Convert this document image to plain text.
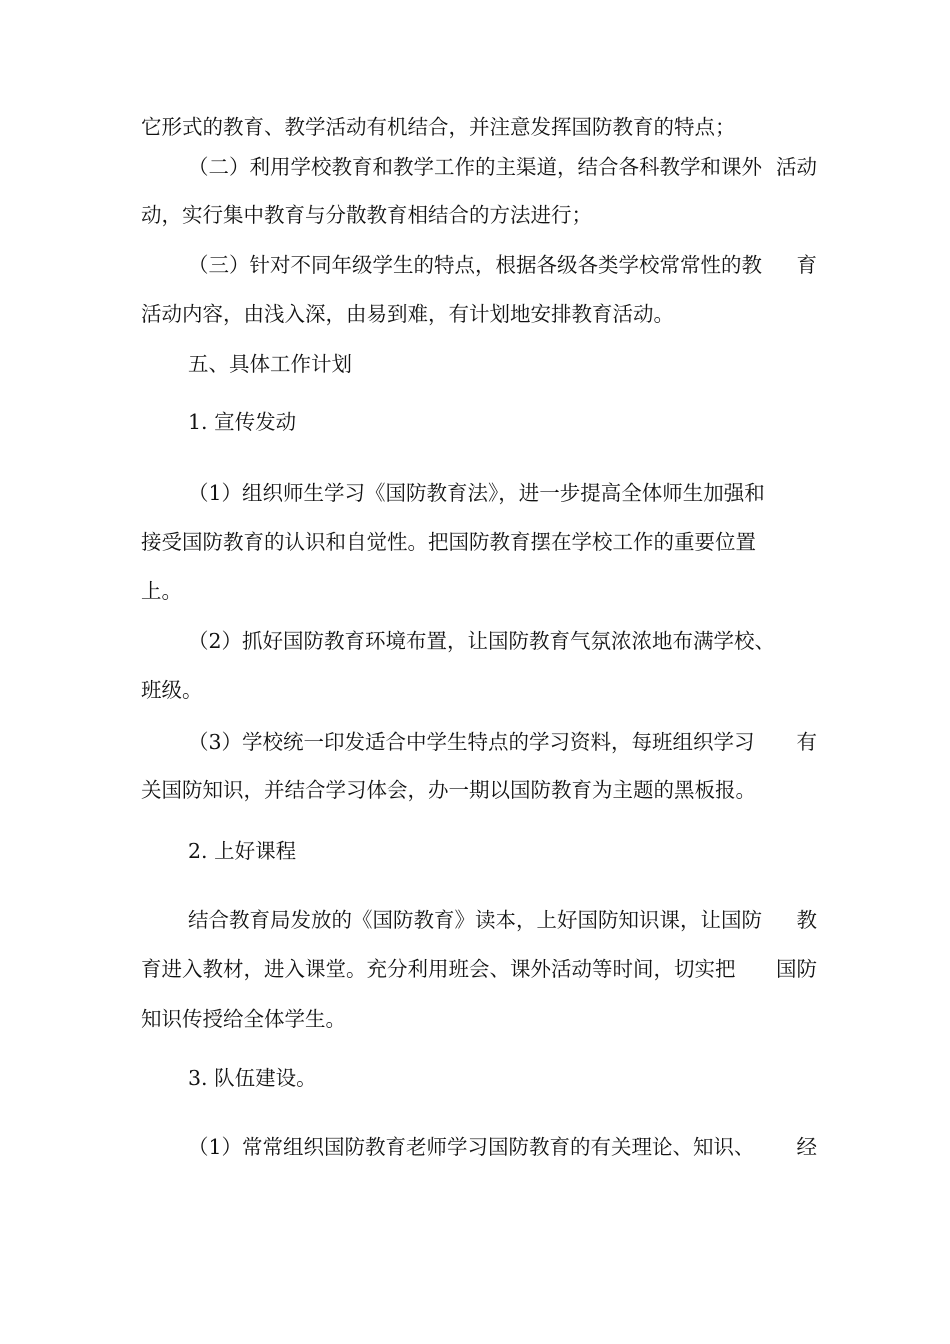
它形式的教育、教学活动有机结合，并注意发挥国防教育的特点；
（二）利用学校教育和教学工作的主渠道，结合各科教学和课外 活动
动，实行集中教育与分散教育相结合的方法进行；
（三）针对不同年级学生的特点，根据各级各类学校常常性的教 育
活动内容，由浅入深，由易到难，有计划地安排教育活动。
五、具体工作计划
1. 宣传发动
（1）组织师生学习《国防教育法》，进一步提高全体师生加强和
接受国防教育的认识和自觉性。把国防教育摆在学校工作的重要位置
上。
（2）抓好国防教育环境布置，让国防教育气氛浓浓地布满学校、
班级。
（3）学校统一印发适合中学生特点的学习资料，每班组织学习 有
关国防知识，并结合学习体会，办一期以国防教育为主题的黑板报。
2. 上好课程
结合教育局发放的《国防教育》读本，上好国防知识课，让国防 教
育进入教材，进入课堂。充分利用班会、课外活动等时间，切实把 国防
知识传授给全体学生。
3. 队伍建设。
（1）常常组织国防教育老师学习国防教育的有关理论、知识、 经
